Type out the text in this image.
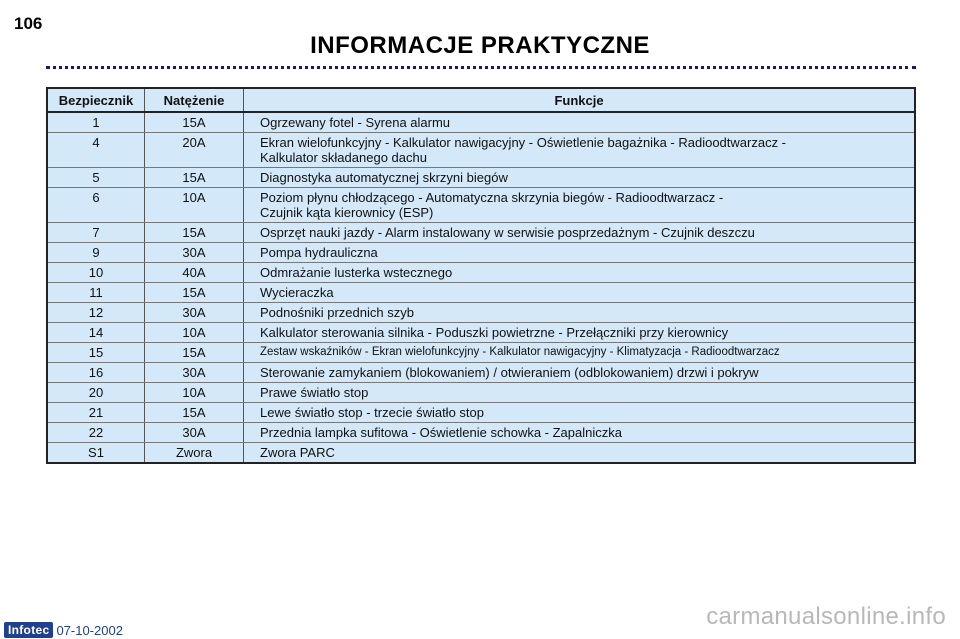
106
INFORMACJE PRAKTYCZNE
Bezpiecznik	Natężenie	Funkcje
1	15A	Ogrzewany fotel - Syrena alarmu

4	20A	Ekran wielofunkcyjny - Kalkulator nawigacyjny - Oświetlenie bagażnika - Radioodtwarzacz -
Kalkulator składanego dachu

5	15A	Diagnostyka automatycznej skrzyni biegów

6	10A	Poziom płynu chłodzącego - Automatyczna skrzynia biegów - Radioodtwarzacz -
Czujnik kąta kierownicy (ESP)

7	15A	Osprzęt nauki jazdy - Alarm instalowany w serwisie posprzedażnym - Czujnik deszczu

9	30A	Pompa hydrauliczna

10	40A	Odmrażanie lusterka wstecznego

11	15A	Wycieraczka

12	30A	Podnośniki przednich szyb

14	10A	Kalkulator sterowania silnika - Poduszki powietrzne - Przełączniki przy kierownicy

15	15A	Zestaw wskaźników - Ekran wielofunkcyjny - Kalkulator nawigacyjny - Klimatyzacja - Radioodtwarzacz

16	30A	Sterowanie zamykaniem (blokowaniem) / otwieraniem (odblokowaniem) drzwi i pokryw

20	10A	Prawe światło stop

21	15A	Lewe światło stop - trzecie światło stop

22	30A	Przednia lampka sufitowa - Oświetlenie schowka - Zapalniczka

S1	Zwora	Zwora PARC
Infotec 07-10-2002	carmanualsonline.info
